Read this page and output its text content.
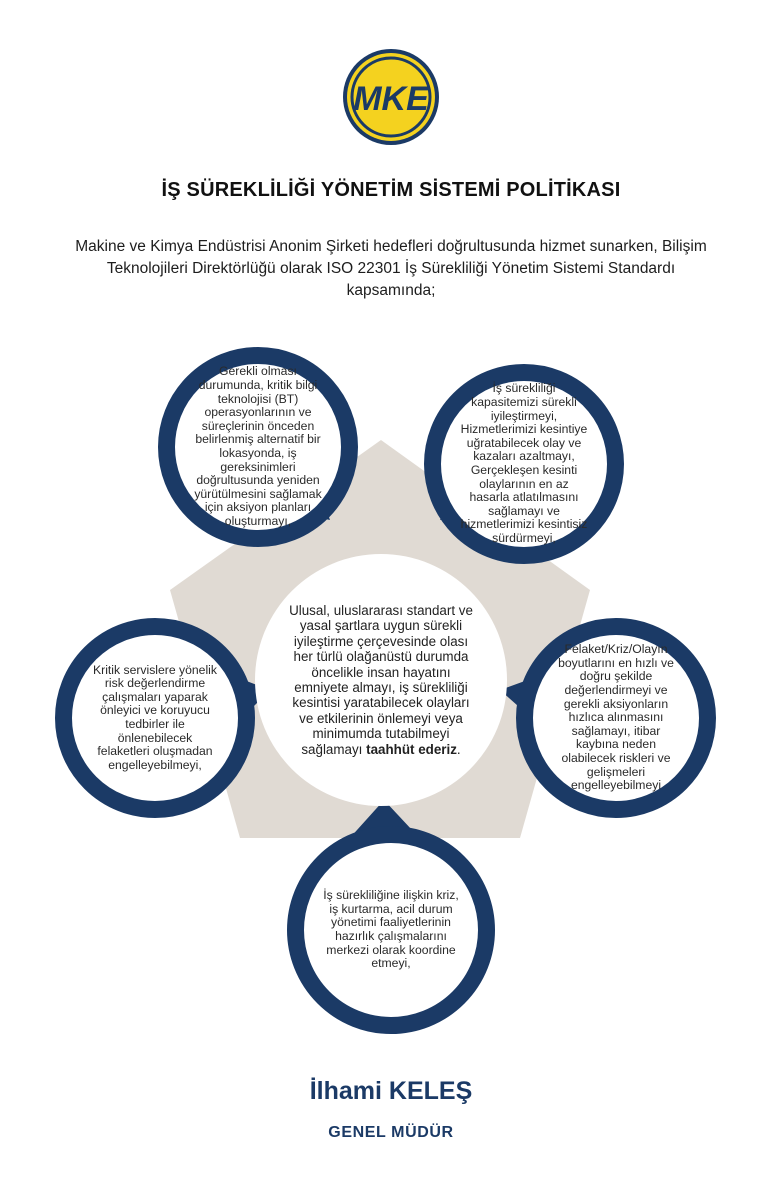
MKE
İŞ SÜREKLİLİĞİ YÖNETİM SİSTEMİ POLİTİKASI

Makine ve Kimya Endüstrisi Anonim Şirketi hedefleri doğrultusunda hizmet sunarken, Bilişim Teknolojileri Direktörlüğü olarak ISO 22301 İş Sürekliliği Yönetim Sistemi Standardı kapsamında;

Gerekli olması durumunda, kritik bilgi teknolojisi (BT) operasyonlarının ve süreçlerinin önceden belirlenmiş alternatif bir lokasyonda, iş gereksinimleri doğrultusunda yeniden yürütülmesini sağlamak için aksiyon planları oluşturmayı,

İş sürekliliği kapasitemizi sürekli iyileştirmeyi, Hizmetlerimizi kesintiye uğratabilecek olay ve kazaları azaltmayı, Gerçekleşen kesinti olaylarının en az hasarla atlatılmasını sağlamayı ve hizmetlerimizi kesintisiz sürdürmeyi,

Kritik servislere yönelik risk değerlendirme çalışmaları yaparak önleyici ve koruyucu tedbirler ile önlenebilecek felaketleri oluşmadan engelleyebilmeyi,

Felaket/Kriz/Olayın boyutlarını en hızlı ve doğru şekilde değerlendirmeyi ve gerekli aksiyonların hızlıca alınmasını sağlamayı, itibar kaybına neden olabilecek riskleri ve gelişmeleri engelleyebilmeyi

İş sürekliliğine ilişkin kriz, iş kurtarma, acil durum yönetimi faaliyetlerinin hazırlık çalışmalarını merkezi olarak koordine etmeyi,

Ulusal, uluslararası standart ve yasal şartlara uygun sürekli iyileştirme çerçevesinde olası her türlü olağanüstü durumda öncelikle insan hayatını emniyete almayı, iş sürekliliği kesintisi yaratabilecek olayları ve etkilerinin önlemeyi veya minimumda tutabilmeyi sağlamayı taahhüt ederiz.

İlhami KELEŞ
GENEL MÜDÜR
